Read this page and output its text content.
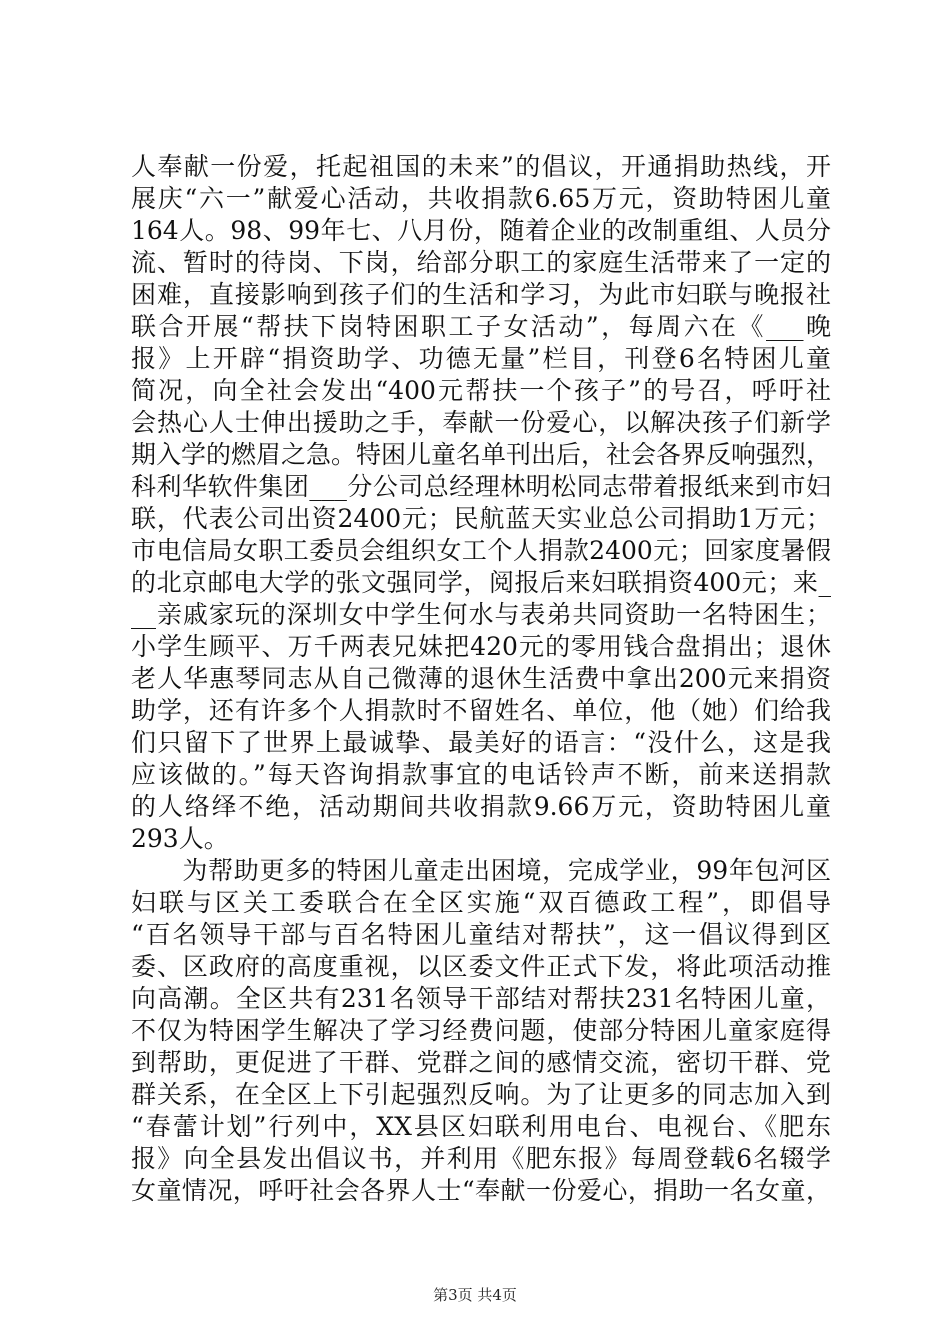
人奉献一份爱，托起祖国的未来”的倡议，开通捐助热线，开
展庆“六一”献爱心活动，共收捐款6.65万元，资助特困儿童
164人。98、99年七、八月份，随着企业的改制重组、人员分
流、暂时的待岗、下岗，给部分职工的家庭生活带来了一定的
困难，直接影响到孩子们的生活和学习，为此市妇联与晚报社
联合开展“帮扶下岗特困职工子女活动”，每周六在《___晚
报》上开辟“捐资助学、功德无量”栏目，刊登6名特困儿童
简况，向全社会发出“400元帮扶一个孩子”的号召，呼吁社
会热心人士伸出援助之手，奉献一份爱心，以解决孩子们新学
期入学的燃眉之急。特困儿童名单刊出后，社会各界反响强烈，
科利华软件集团___分公司总经理林明松同志带着报纸来到市妇
联，代表公司出资2400元；民航蓝天实业总公司捐助1万元；
市电信局女职工委员会组织女工个人捐款2400元；回家度暑假
的北京邮电大学的张文强同学，阅报后来妇联捐资400元；来_
__亲戚家玩的深圳女中学生何水与表弟共同资助一名特困生；
小学生顾平、万千两表兄妹把420元的零用钱合盘捐出；退休
老人华惠琴同志从自己微薄的退休生活费中拿出200元来捐资
助学，还有许多个人捐款时不留姓名、单位，他（她）们给我
们只留下了世界上最诚挚、最美好的语言：“没什么，这是我
应该做的。”每天咨询捐款事宜的电话铃声不断，前来送捐款
的人络绎不绝，活动期间共收捐款9.66万元，资助特困儿童
293人。
　　为帮助更多的特困儿童走出困境，完成学业，99年包河区
妇联与区关工委联合在全区实施“双百德政工程”，即倡导
“百名领导干部与百名特困儿童结对帮扶”，这一倡议得到区
委、区政府的高度重视，以区委文件正式下发，将此项活动推
向高潮。全区共有231名领导干部结对帮扶231名特困儿童，
不仅为特困学生解决了学习经费问题，使部分特困儿童家庭得
到帮助，更促进了干群、党群之间的感情交流，密切干群、党
群关系，在全区上下引起强烈反响。为了让更多的同志加入到
“春蕾计划”行列中，XX县区妇联利用电台、电视台、《肥东
报》向全县发出倡议书，并利用《肥东报》每周登载6名辍学
女童情况，呼吁社会各界人士“奉献一份爱心，捐助一名女童，
第3页 共4页
